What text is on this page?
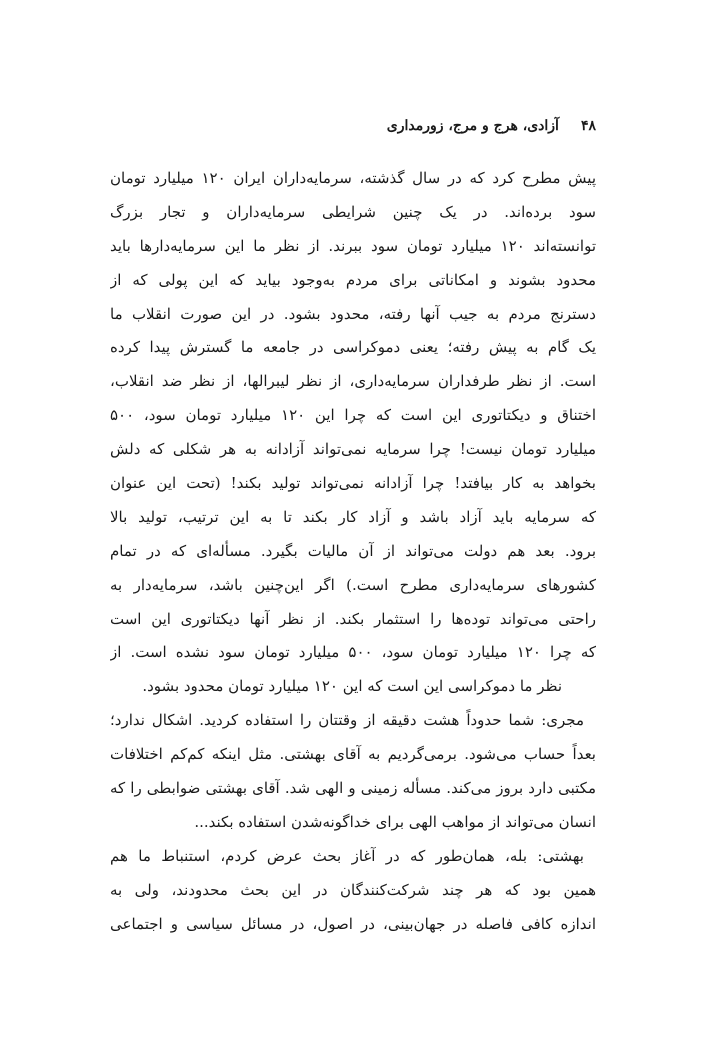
۴۸آزادی، هرج و مرج، زورمداری
پیش مطرح کرد که در سال گذشته، سرمایه‌داران ایران ۱۲۰ میلیارد تومان
سود برده‌اند. در یک چنین شرایطی سرمایه‌داران و تجار بزرگ
توانسته‌اند ۱۲۰ میلیارد تومان سود ببرند. از نظر ما این سرمایه‌دارها باید
محدود بشوند و امکاناتی برای مردم به‌وجود بیاید که این پولی که از
دسترنج مردم به جیب آنها رفته، محدود بشود. در این صورت انقلاب ما
یک گام به پیش رفته؛ یعنی دموکراسی در جامعه ما گسترش پیدا کرده
است. از نظر طرفداران سرمایه‌داری، از نظر لیبرالها، از نظر ضد انقلاب،
اختناق و دیکتاتوری این است که چرا این ۱۲۰ میلیارد تومان سود، ۵۰۰
میلیارد تومان نیست! چرا سرمایه نمی‌تواند آزادانه به هر شکلی که دلش
بخواهد به کار بیافتد! چرا آزادانه نمی‌تواند تولید بکند! (تحت این عنوان
که سرمایه باید آزاد باشد و آزاد کار بکند تا به این ترتیب، تولید بالا
برود. بعد هم دولت می‌تواند از آن مالیات بگیرد. مسأله‌ای که در تمام
کشورهای سرمایه‌داری مطرح است.) اگر این‌چنین باشد، سرمایه‌دار به
راحتی می‌تواند توده‌ها را استثمار بکند. از نظر آنها دیکتاتوری این است
که چرا ۱۲۰ میلیارد تومان سود، ۵۰۰ میلیارد تومان سود نشده است. از
نظر ما دموکراسی این است که این ۱۲۰ میلیارد تومان محدود بشود.
مجری: شما حدوداً هشت دقیقه از وقتتان را استفاده کردید. اشکال ندارد؛
بعداً حساب می‌شود. برمی‌گردیم به آقای بهشتی. مثل اینکه کم‌کم اختلافات
مکتبی دارد بروز می‌کند. مسأله زمینی و الهی شد. آقای بهشتی ضوابطی را که
انسان می‌تواند از مواهب الهی برای خداگونه‌شدن استفاده بکند...
بهشتی: بله، همان‌طور که در آغاز بحث عرض کردم، استنباط ما هم
همین بود که هر چند شرکت‌کنندگان در این بحث محدودند، ولی به
اندازه کافی فاصله در جهان‌بینی، در اصول، در مسائل سیاسی و اجتماعی
